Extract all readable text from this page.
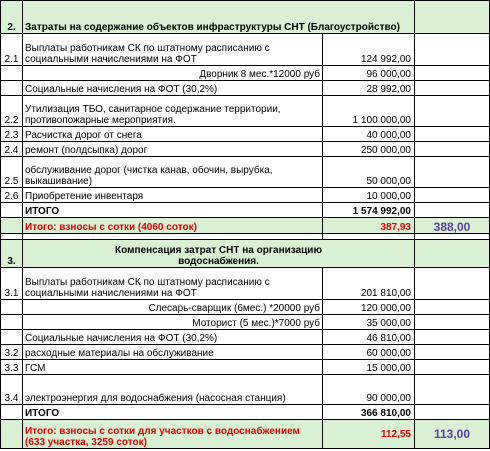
2.	Затраты на содержание объектов инфраструктуры СНТ (Благоустройство)		
2.1	Выплаты работникам СК по штатному расписанию с социальными начислениями на ФОТ	124 992,00	
	Дворник 8 мес.*12000 руб	96 000,00	
	Социальные начисления на ФОТ (30,2%)	28 992,00	
2.2	Утилизация ТБО, санитарное содержание территории, противопожарные мероприятия.	1 100 000,00	
2.3	Расчистка дорог от снега	40 000,00	
2.4	ремонт (полдсыпка) дорог	250 000,00	
2.5	обслуживание дорог (чистка канав, обочин, вырубка, выкашивание)	50 000,00	
2.6	Приобретение инвентаря	10 000,00	
	ИТОГО	1 574 992,00	
	Итого: взносы с сотки (4060 соток)	387,93	388,00

3.	Компенсация затрат СНТ на организацию водоснабжения.		
3.1	Выплаты работникам СК по штатному расписанию с социальными начислениями на ФОТ	201 810,00	
	Слесарь-сварщик (6мес.) *20000 руб	120 000,00	
	Моторист (5 мес.)*7000 руб	35 000,00	
	Социальные начисления на ФОТ (30,2%)	46 810,00	
3.2	расходные материалы на обслуживание	60 000,00	
3.3	ГСМ	15 000,00	
3.4	электроэнергия для водоснабжения (насосная станция)	90 000,00	
	ИТОГО	366 810,00	
	Итого: взносы с сотки для участков с водоснабжением (633 участка, 3259 соток)	112,55	113,00
